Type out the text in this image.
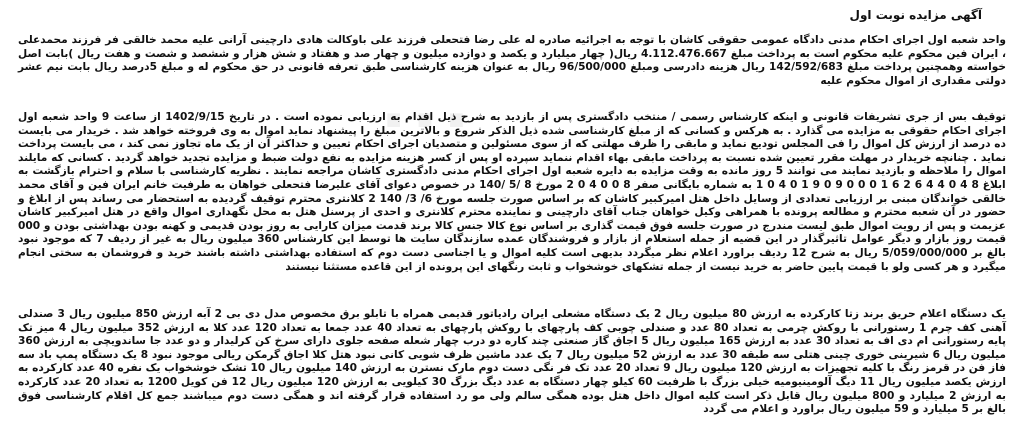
...
آگهی مزایده نوبت اول
واحد شعبه اول اجرای احکام مدنی دادگاه عمومی حقوقی کاشان با توجه به اجرائیه صادره له علی رضا فتحعلی فرزند علی باوکالت هادی دارچینی آرانی علیه محمد خالقی فر فرزند محمدعلی ، ایران فین محکوم علیه محکوم است به پرداخت مبلغ 4.112.476.667 ریال( چهار میلیارد و یکصد و دوازده میلیون و چهار صد و هفتاد و شش هزار و ششصد و شصت و هفت ریال )بابت اصل خواسته وهمچنین پرداخت مبلغ 142/592/683 ریال هزینه دادرسی ومبلغ 96/500/000 ریال به عنوان هزینه کارشناسی طبق تعرفه قانونی در حق محکوم له و مبلغ 5درصد ریال بابت نیم عشر دولتی مقداری از اموال محکوم علیه
توقیف بس از جری تشریفات قانونی و اینکه کارشناس رسمی / منتخب دادگستری پس از بازدید به شرح ذیل اقدام به ارزیابی نموده است . در تاریخ 1402/9/15 از ساعت 9 واحد شعبه اول اجرای احکام حقوقی به مزایده می گذارد . به هرکس و کسانی که از مبلغ کارشناسی شده ذیل الذکر شروع و بالاترین مبلغ را پیشنهاد نماید اموال به وی فروخته خواهد شد . خریدار می بایست ده درصد از ارزش کل اموال را فی المجلس تودیع نماید و مابقی را ظرف مهلتی که از سوی مسئولین و متصدیان اجرای احکام تعیین و حداکثر آن از یک ماه تجاوز نمی کند ، می بایست پرداخت نماید . چنانچه خریدار در مهلت مقرر تعیین شده نسبت به پرداخت مابقی بهاء اقدام ننماید سپرده او پس از کسر هزینه مزایده به نفع دولت ضبط و مزایده تجدید خواهد گردید . کسانی که مایلند اموال را ملاحظه و بازدید نمایند می توانند 5 روز مانده به وقت مزایده به دایره شعبه اول اجرای احکام مدنی دادگستری کاشان مراجعه نمایند . نظریه کارشناسی با سلام و احترام بازگشت به ابلاغ 8 4 0 4 4 6 2 6 1 0 0 0 9 0 9 1 0 4 0 1 به شماره بایگانی صفر 8 0 0 4 0 2 مورخ 8 /5 /140 در خصوص دعوای آقای علیرضا فتحعلی خواهان به طرفیت خانم ایران فین و آقای محمد خالقی خواندگان مبنی بر ارزیابی تعدادی از وسایل داخل هتل امیرکبیر کاشان که بر اساس صورت جلسه مورخ 6/ 3/ 140 2 کلانتری محترم توقیف گردیده به استحضار می رساند پس از ابلاغ و حضور در آن شعبه محترم و مطالعه پرونده با همراهی وکیل خواهان جناب آقای دارچینی و نماینده محترم کلانتری و احدی از پرسنل هتل به محل نگهداری اموال واقع در هتل امیرکبیر کاشان عزیمت و پس از رویت اموال طبق لیست مندرج در صورت جلسه فوق قیمت گذاری بر اساس نوع کالا جنس کالا برند قدمت میزان کارایی به روز بودن قدیمی و کهنه بودن بهداشتی بودن و 000 قیمت روز بازار و دیگر عوامل تاثیرگذار در این قضیه از جمله استعلام از بازار و فروشندگان عمده سازندگان سایت ها توسط این کارشناس 360 میلیون ریال به غیر از ردیف 7 که موجود نبود بالغ بر 5/059/000/000 ریال به شرح 12 ردیف براورد اعلام نظر میگردد بدیهی است کلیه اموال و یا اجناسی دست دوم که استفاده بهداشتی داشته باشند خرید و فروشمان به سختی انجام میگیرد و هر کسی ولو با قیمت پایین حاضر به خرید نیست از جمله تشکهای خوشخواب و ثابت رنگهای این پرونده از این قاعده مستثنا نیستند
یک دستگاه اعلام حریق برند زتا کارکرده به ارزش 80 میلیون ریال 2 یک دستگاه مشعلی ایران رادیاتور قدیمی همراه با تابلو برق مخصوص مدل دی بی 2 آبه ارزش 850 میلیون ریال 3 صندلی آهنی کف چرم 1 رستورانی با روکش چرمی به تعداد 80 عدد و صندلی چوبی کف پارچهای با روکش پارچهای به تعداد 40 عدد جمعا به تعداد 120 عدد کلا به ارزش 352 میلیون ریال 4 میز تک پایه رستورانی ام دی اف به تعداد 30 عدد به ارزش 165 میلیون ریال 5 اجاق گاز صنعتی چند کاره دو درب چهار شعله صفحه جلوی دارای سرخ کن کرلیدار و دو عدد جا ساندویچی به ارزش 360 میلیون ریال 6 شیرینی خوری چینی هتلی سه طبقه 30 عدد به ارزش 52 میلیون ریال 7 یک عدد ماشین ظرف شویی کانی نبود هتل کلا اجاق گرمکن ریالی موجود نبود 8 یک دستگاه پمپ باد سه فاز فن در قرمز رنگ با کلیه تجهیزات به ارزش 120 میلیون ریال 9 تعداد 20 عدد تک فر نگی دست دوم مارک نسترن به ارزش 140 میلیون ریال 10 تشک خوشخواب یک نفره 40 عدد کارکرده به ارزش یکصد میلیون ریال 11 دیگ آلومینیومیه خیلی بزرگ با ظرفیت 60 کیلو چهار دستگاه به عدد دیگ بزرگ 30 کیلویی به ارزش 120 میلیون ریال 12 فن کویل 1200 به تعداد 20 عدد کارکرده به ارزش 2 میلیارد و 800 میلیون ریال قابل ذکر است کلیه اموال داخل هتل بوده همگی سالم ولی مو رد استفاده قرار گرفته اند و همگی دست دوم میباشند جمع کل اقلام کارشناسی فوق بالغ بر 5 میلیارد و 59 میلیون ریال براورد و اعلام می گردد
